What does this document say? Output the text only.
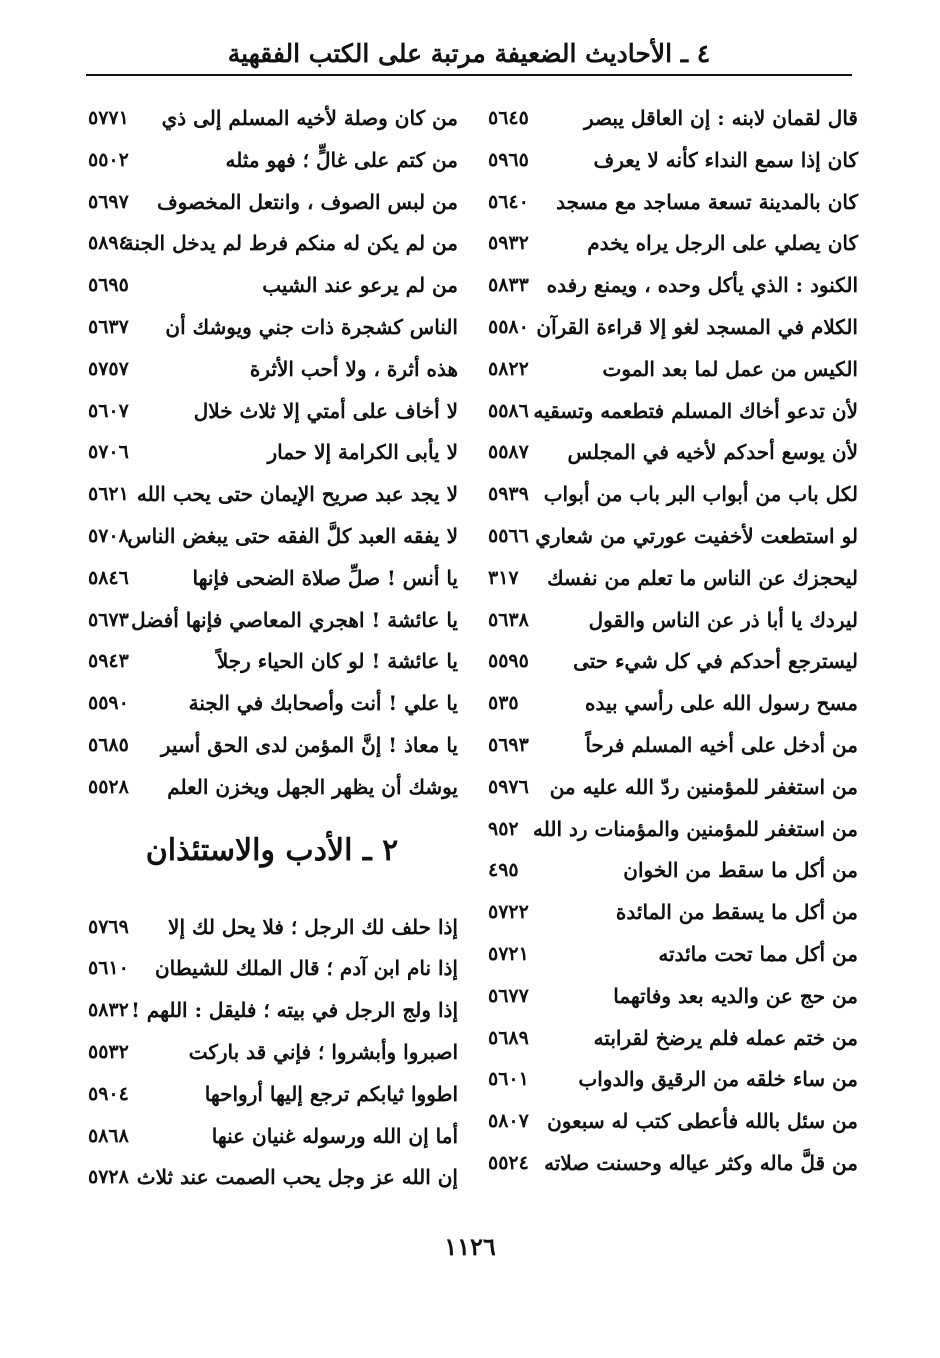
٤ ـ الأحاديث الضعيفة مرتبة على الكتب الفقهية
قال لقمان لابنه : إن العاقل يبصر
٥٦٤٥
كان إذا سمع النداء كأنه لا يعرف
٥٩٦٥
كان بالمدينة تسعة مساجد مع مسجد
٥٦٤٠
كان يصلي على الرجل يراه يخدم
٥٩٣٢
الكنود : الذي يأكل وحده ، ويمنع رفده
٥٨٣٣
الكلام في المسجد لغو إلا قراءة القرآن
٥٥٨٠
الكيس من عمل لما بعد الموت
٥٨٢٢
لأن تدعو أخاك المسلم فتطعمه وتسقيه
٥٥٨٦
لأن يوسع أحدكم لأخيه في المجلس
٥٥٨٧
لكل باب من أبواب البر باب من أبواب
٥٩٣٩
لو استطعت لأخفيت عورتي من شعاري
٥٥٦٦
ليحجزك عن الناس ما تعلم من نفسك
٣١٧
ليردك يا أبا ذر عن الناس والقول
٥٦٣٨
ليسترجع أحدكم في كل شيء حتى
٥٥٩٥
مسح رسول الله على رأسي بيده
٥٣٥
من أدخل على أخيه المسلم فرحاً
٥٦٩٣
من استغفر للمؤمنين ردّ الله عليه من
٥٩٧٦
من استغفر للمؤمنين والمؤمنات رد الله
٩٥٢
من أكل ما سقط من الخوان
٤٩٥
من أكل ما يسقط من المائدة
٥٧٢٢
من أكل مما تحت مائدته
٥٧٢١
من حج عن والديه بعد وفاتهما
٥٦٧٧
من ختم عمله فلم يرضخ لقرابته
٥٦٨٩
من ساء خلقه من الرقيق والدواب
٥٦٠١
من سئل بالله فأعطى كتب له سبعون
٥٨٠٧
من قلَّ ماله وكثر عياله وحسنت صلاته
٥٥٢٤
من كان وصلة لأخيه المسلم إلى ذي
٥٧٧١
من كتم على غالٍّ ؛ فهو مثله
٥٥٠٢
من لبس الصوف ، وانتعل المخصوف
٥٦٩٧
من لم يكن له منكم فرط لم يدخل الجنة
٥٨٩٤
من لم يرعو عند الشيب
٥٦٩٥
الناس كشجرة ذات جني ويوشك أن
٥٦٣٧
هذه أثرة ، ولا أحب الأثرة
٥٧٥٧
لا أخاف على أمتي إلا ثلاث خلال
٥٦٠٧
لا يأبى الكرامة إلا حمار
٥٧٠٦
لا يجد عبد صريح الإيمان حتى يحب الله
٥٦٢١
لا يفقه العبد كلَّ الفقه حتى يبغض الناس
٥٧٠٨
يا أنس ! صلِّ صلاة الضحى فإنها
٥٨٤٦
يا عائشة ! اهجري المعاصي فإنها أفضل
٥٦٧٣
يا عائشة ! لو كان الحياء رجلاً
٥٩٤٣
يا علي ! أنت وأصحابك في الجنة
٥٥٩٠
يا معاذ ! إنَّ المؤمن لدى الحق أسير
٥٦٨٥
يوشك أن يظهر الجهل ويخزن العلم
٥٥٢٨
٢ ـ الأدب والاستئذان
إذا حلف لك الرجل ؛ فلا يحل لك إلا
٥٧٦٩
إذا نام ابن آدم ؛ قال الملك للشيطان
٥٦١٠
إذا ولج الرجل في بيته ؛ فليقل : اللهم !
٥٨٣٢
اصبروا وأبشروا ؛ فإني قد باركت
٥٥٣٢
اطووا ثيابكم ترجع إليها أرواحها
٥٩٠٤
أما إن الله ورسوله غنيان عنها
٥٨٦٨
إن الله عز وجل يحب الصمت عند ثلاث
٥٧٢٨
١١٢٦
